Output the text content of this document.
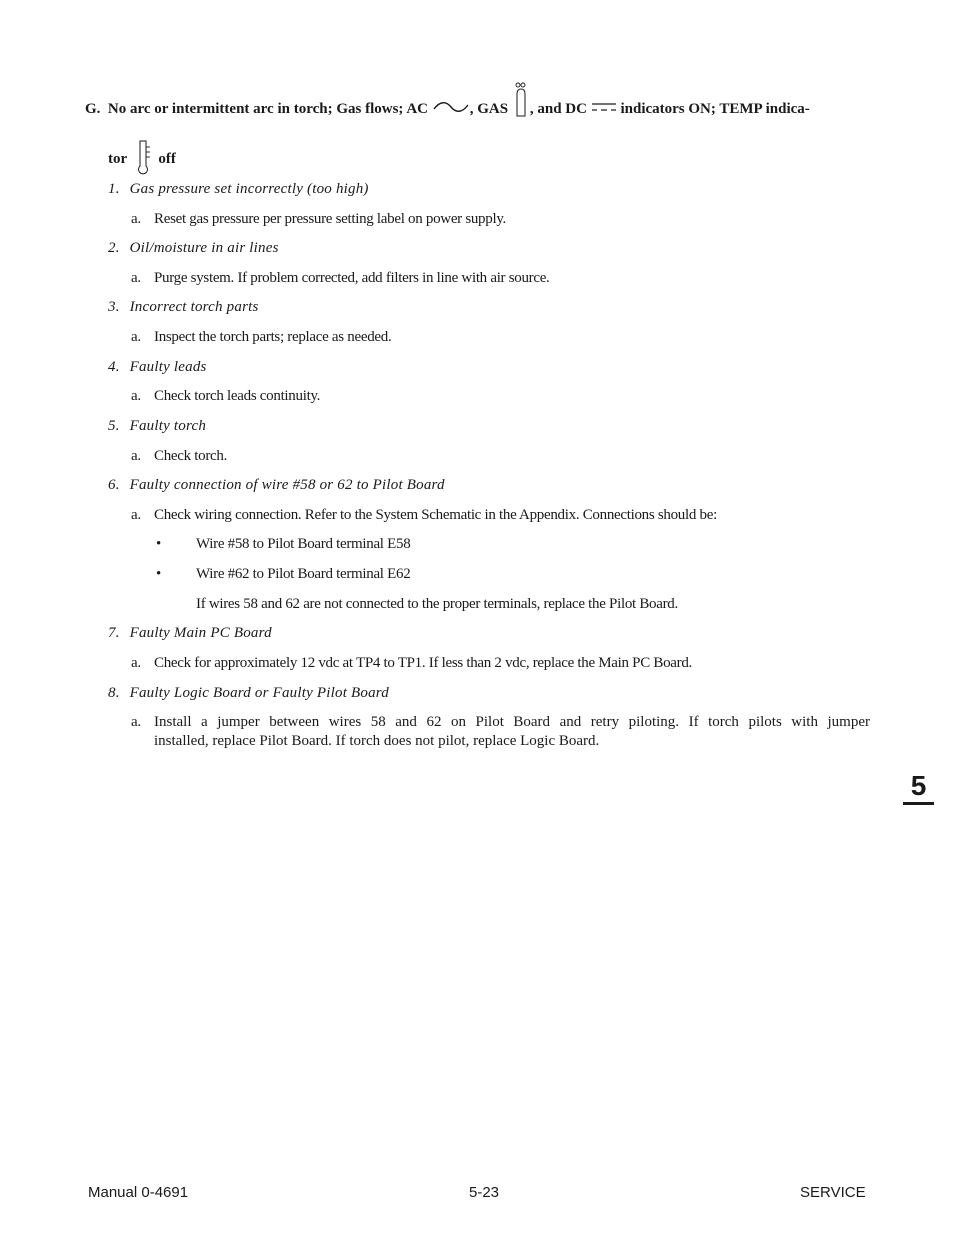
G. No arc or intermittent arc in torch; Gas flows; AC	, GAS , and DC indicators ON; TEMP indica-
tor off
1. Gas pressure set incorrectly (too high)
a. Reset gas pressure per pressure setting label on power supply.
2. Oil/moisture in air lines
a. Purge system. If problem corrected, add filters in line with air source.
3. Incorrect torch parts
a. Inspect the torch parts; replace as needed.
4. Faulty leads
a. Check torch leads continuity.
5. Faulty torch
a. Check torch.
6. Faulty connection of wire #58 or 62 to Pilot Board
a. Check wiring connection. Refer to the System Schematic in the Appendix. Connections should be:
• Wire #58 to Pilot Board terminal E58
• Wire #62 to Pilot Board terminal E62
If wires 58 and 62 are not connected to the proper terminals, replace the Pilot Board.
7. Faulty Main PC Board
a. Check for approximately 12 vdc at TP4 to TP1. If less than 2 vdc, replace the Main PC Board.
8. Faulty Logic Board or Faulty Pilot Board
a. Install a jumper between wires 58 and 62 on Pilot Board and retry piloting. If torch pilots with jumper
installed, replace Pilot Board. If torch does not pilot, replace Logic Board.
5
Manual 0-4691	5-23	SERVICE
